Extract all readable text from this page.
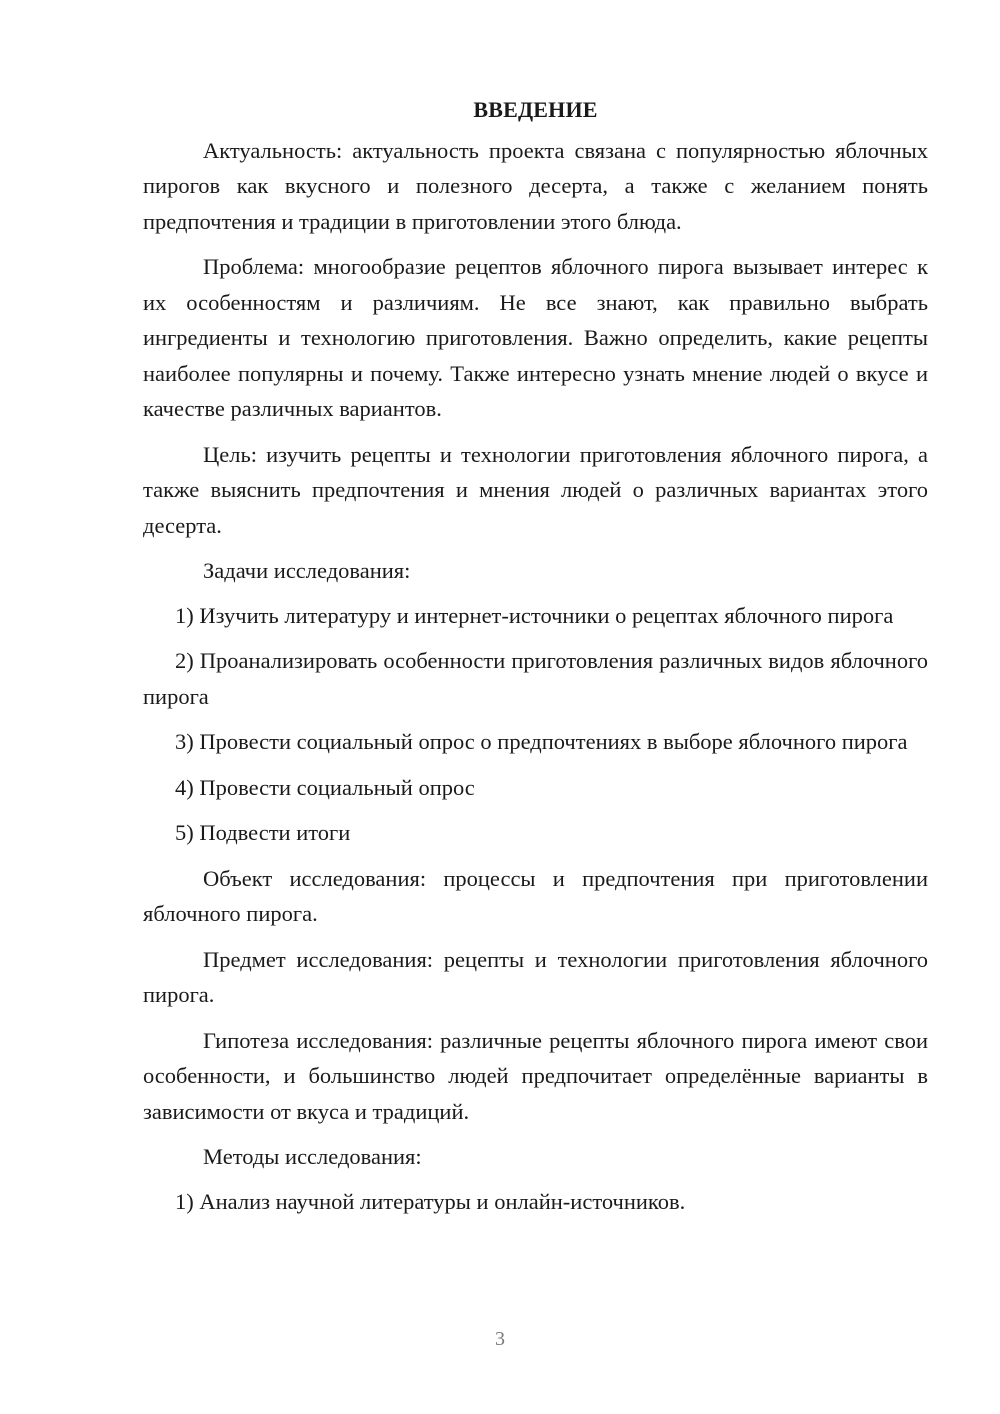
ВВЕДЕНИЕ

Актуальность: актуальность проекта связана с популярностью яблочных пирогов как вкусного и полезного десерта, а также с желанием понять предпочтения и традиции в приготовлении этого блюда.

Проблема: многообразие рецептов яблочного пирога вызывает интерес к их особенностям и различиям. Не все знают, как правильно выбрать ингредиенты и технологию приготовления. Важно определить, какие рецепты наиболее популярны и почему. Также интересно узнать мнение людей о вкусе и качестве различных вариантов.

Цель: изучить рецепты и технологии приготовления яблочного пирога, а также выяснить предпочтения и мнения людей о различных вариантах этого десерта.

Задачи исследования:

1) Изучить литературу и интернет-источники о рецептах яблочного пирога

2) Проанализировать особенности приготовления различных видов яблочного пирога

3) Провести социальный опрос о предпочтениях в выборе яблочного пирога

4) Провести социальный опрос

5) Подвести итоги

Объект исследования: процессы и предпочтения при приготовлении яблочного пирога.

Предмет исследования: рецепты и технологии приготовления яблочного пирога.

Гипотеза исследования: различные рецепты яблочного пирога имеют свои особенности, и большинство людей предпочитает определённые варианты в зависимости от вкуса и традиций.

Методы исследования:

1) Анализ научной литературы и онлайн-источников.

3
